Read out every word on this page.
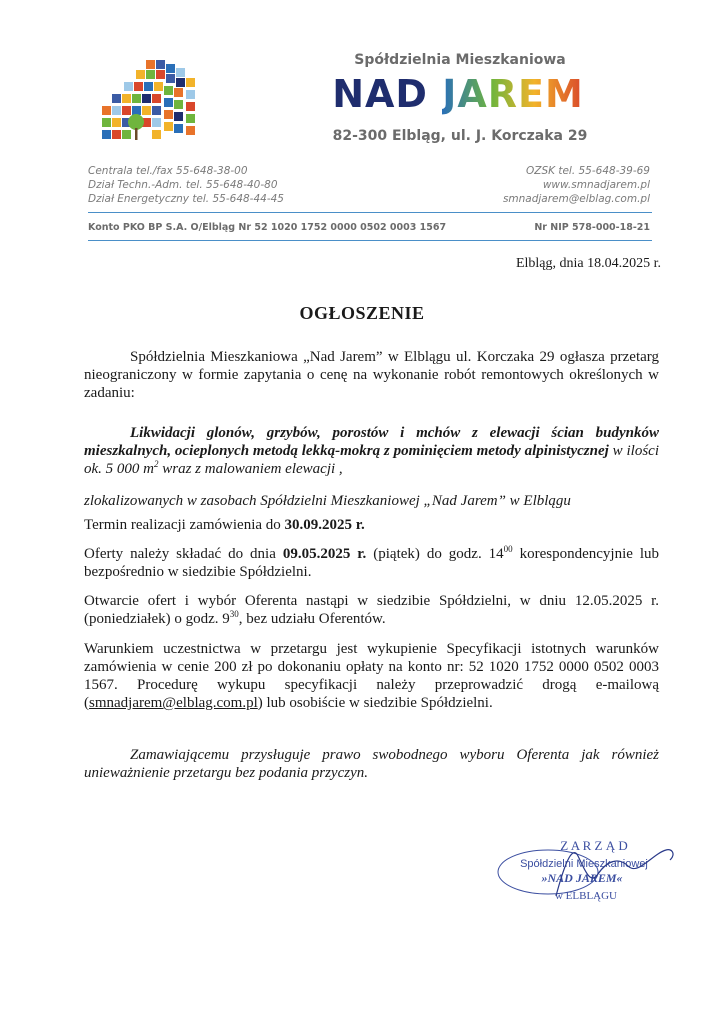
Spółdzielnia Mieszkaniowa
NAD JAREM
82-300 Elbląg, ul. J. Korczaka 29
Centrala tel./fax 55-648-38-00
Dział Techn.-Adm. tel. 55-648-40-80
Dział Energetyczny tel. 55-648-44-45
OZSK tel. 55-648-39-69
www.smnadjarem.pl
smnadjarem@elblag.com.pl
Konto PKO BP S.A. O/Elbląg Nr 52 1020 1752 0000 0502 0003 1567	Nr NIP 578-000-18-21
Elbląg, dnia 18.04.2025 r.
OGŁOSZENIE

Spółdzielnia Mieszkaniowa „Nad Jarem” w Elblągu ul. Korczaka 29 ogłasza przetarg nieograniczony w formie zapytania o cenę na wykonanie robót remontowych określonych w zadaniu:

Likwidacji glonów, grzybów, porostów i mchów z elewacji ścian budynków mieszkalnych, ocieplonych metodą lekką-mokrą z pominięciem metody alpinistycznej w ilości ok. 5 000 $m^2$ wraz z malowaniem elewacji ,

zlokalizowanych w zasobach Spółdzielni Mieszkaniowej „Nad Jarem” w Elblągu

Termin realizacji zamówienia do 30.09.2025 r.

Oferty należy składać do dnia 09.05.2025 r. (piątek) do godz. $14^{00}$ korespondencyjnie lub bezpośrednio w siedzibie Spółdzielni.

Otwarcie ofert i wybór Oferenta nastąpi w siedzibie Spółdzielni, w dniu 12.05.2025 r. (poniedziałek) o godz. $9^{30}$, bez udziału Oferentów.

Warunkiem uczestnictwa w przetargu jest wykupienie Specyfikacji istotnych warunków zamówienia w cenie 200 zł po dokonaniu opłaty na konto nr: 52 1020 1752 0000 0502 0003 1567. Procedurę wykupu specyfikacji należy przeprowadzić drogą e-mailową (smnadjarem@elblag.com.pl) lub osobiście w siedzibie Spółdzielni.

Zamawiającemu przysługuje prawo swobodnego wyboru Oferenta jak również unieważnienie przetargu bez podania przyczyn.

Z A R Z Ą D
Spółdzielni Mieszkaniowej
»NAD JAREM«
w ELBLĄGU
